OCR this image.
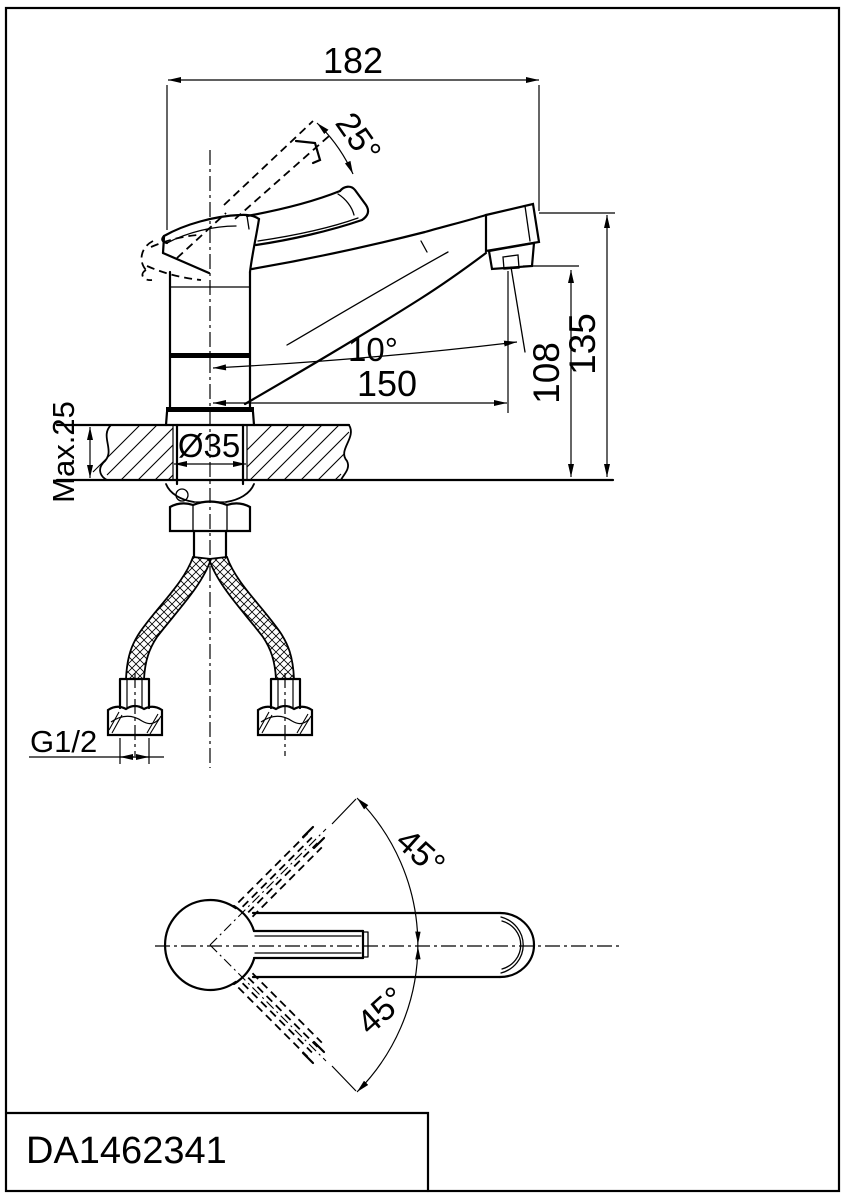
182
25°
Max.25	Ø35
G1/2
10°
150	108
135
45°
45°
DA1462341
